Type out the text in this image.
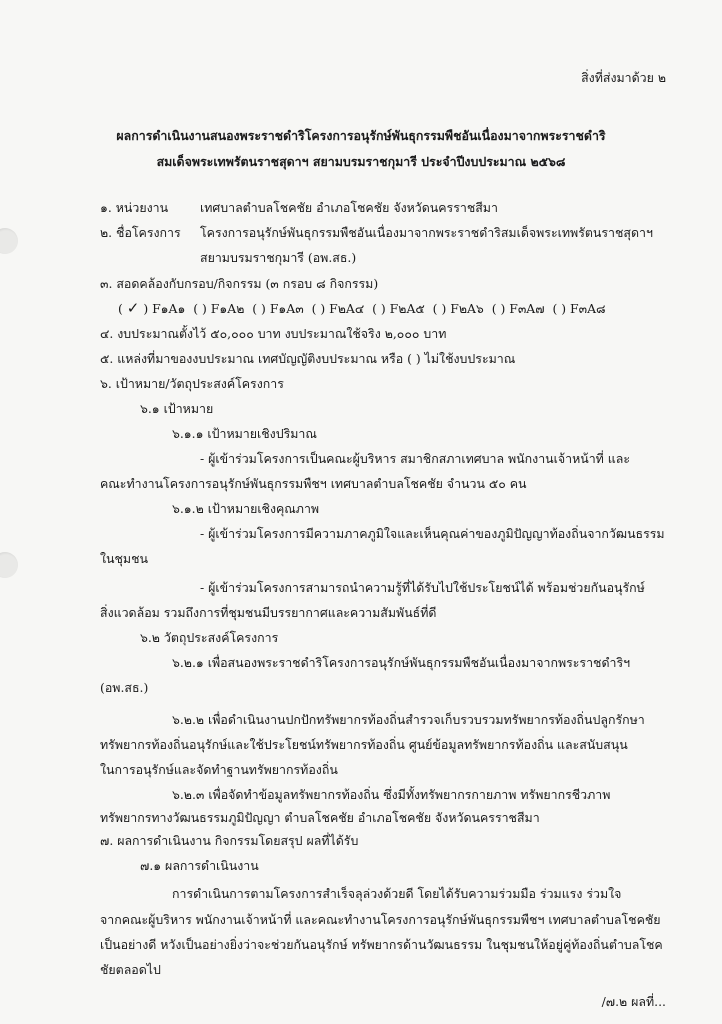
สิ่งที่ส่งมาด้วย ๒
ผลการดำเนินงานสนองพระราชดำริโครงการอนุรักษ์พันธุกรรมพืชอันเนื่องมาจากพระราชดำริ
สมเด็จพระเทพรัตนราชสุดาฯ สยามบรมราชกุมารี ประจำปีงบประมาณ ๒๕๖๘
๑. หน่วยงาน	เทศบาลตำบลโชคชัย อำเภอโชคชัย จังหวัดนครราชสีมา
๒. ชื่อโครงการ โครงการอนุรักษ์พันธุกรรมพืชอันเนื่องมาจากพระราชดำริสมเด็จพระเทพรัตนราชสุดาฯ
สยามบรมราชกุมารี (อพ.สธ.)
๓. สอดคล้องกับกรอบ/กิจกรรม (๓ กรอบ ๘ กิจกรรม)
( ✓ ) F๑A๑ ( ) F๑A๒ ( ) F๑A๓ ( ) F๒A๔ ( ) F๒A๕ ( ) F๒A๖ ( ) F๓A๗ ( ) F๓A๘
๔. งบประมาณตั้งไว้ ๕๐,๐๐๐ บาท งบประมาณใช้จริง ๒,๐๐๐ บาท
๕. แหล่งที่มาของงบประมาณ เทศบัญญัติงบประมาณ หรือ ( ) ไม่ใช้งบประมาณ
๖. เป้าหมาย/วัตถุประสงค์โครงการ
๖.๑ เป้าหมาย
๖.๑.๑ เป้าหมายเชิงปริมาณ
- ผู้เข้าร่วมโครงการเป็นคณะผู้บริหาร สมาชิกสภาเทศบาล พนักงานเจ้าหน้าที่ และ
คณะทำงานโครงการอนุรักษ์พันธุกรรมพืชฯ เทศบาลตำบลโชคชัย จำนวน ๕๐ คน
๖.๑.๒ เป้าหมายเชิงคุณภาพ
- ผู้เข้าร่วมโครงการมีความภาคภูมิใจและเห็นคุณค่าของภูมิปัญญาท้องถิ่นจากวัฒนธรรม
ในชุมชน
- ผู้เข้าร่วมโครงการสามารถนำความรู้ที่ได้รับไปใช้ประโยชน์ได้ พร้อมช่วยกันอนุรักษ์
สิ่งแวดล้อม รวมถึงการที่ชุมชนมีบรรยากาศและความสัมพันธ์ที่ดี
๖.๒ วัตถุประสงค์โครงการ
๖.๒.๑ เพื่อสนองพระราชดำริโครงการอนุรักษ์พันธุกรรมพืชอันเนื่องมาจากพระราชดำริฯ
(อพ.สธ.)
๖.๒.๒ เพื่อดำเนินงานปกปักทรัพยากรท้องถิ่นสำรวจเก็บรวบรวมทรัพยากรท้องถิ่นปลูกรักษา
ทรัพยากรท้องถิ่นอนุรักษ์และใช้ประโยชน์ทรัพยากรท้องถิ่น ศูนย์ข้อมูลทรัพยากรท้องถิ่น และสนับสนุน
ในการอนุรักษ์และจัดทำฐานทรัพยากรท้องถิ่น
๖.๒.๓ เพื่อจัดทำข้อมูลทรัพยากรท้องถิ่น ซึ่งมีทั้งทรัพยากรกายภาพ ทรัพยากรชีวภาพ
ทรัพยากรทางวัฒนธรรมภูมิปัญญา ตำบลโชคชัย อำเภอโชคชัย จังหวัดนครราชสีมา
๗. ผลการดำเนินงาน กิจกรรมโดยสรุป ผลที่ได้รับ
๗.๑ ผลการดำเนินงาน
การดำเนินการตามโครงการสำเร็จลุล่วงด้วยดี โดยได้รับความร่วมมือ ร่วมแรง ร่วมใจ
จากคณะผู้บริหาร พนักงานเจ้าหน้าที่ และคณะทำงานโครงการอนุรักษ์พันธุกรรมพืชฯ เทศบาลตำบลโชคชัย
เป็นอย่างดี หวังเป็นอย่างยิ่งว่าจะช่วยกันอนุรักษ์ ทรัพยากรด้านวัฒนธรรม ในชุมชนให้อยู่คู่ท้องถิ่นตำบลโชค
ชัยตลอดไป
/๗.๒ ผลที่...
